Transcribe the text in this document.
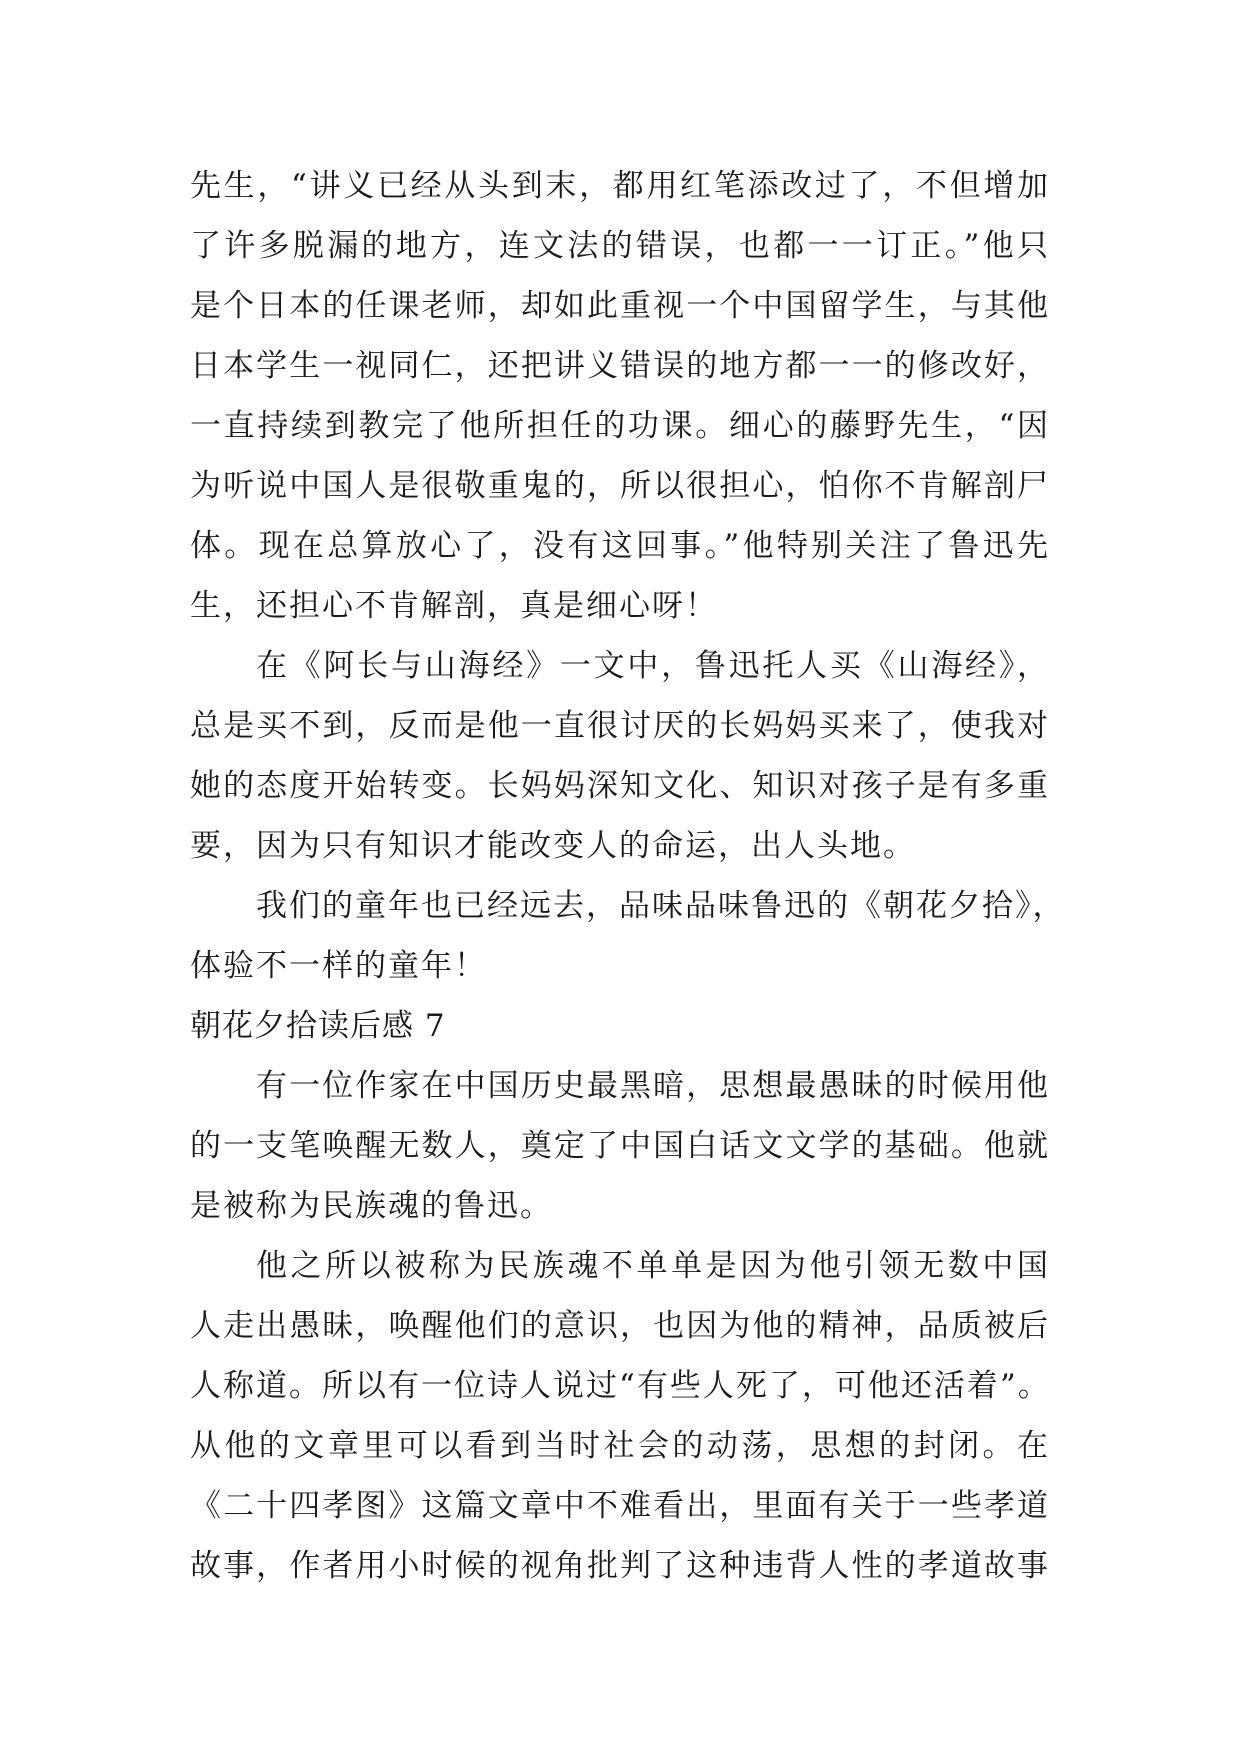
先生，“讲义已经从头到末，都用红笔添改过了，不但增加
了许多脱漏的地方，连文法的错误，也都一一订正。”他只
是个日本的任课老师，却如此重视一个中国留学生，与其他
日本学生一视同仁，还把讲义错误的地方都一一的修改好，
一直持续到教完了他所担任的功课。细心的藤野先生，“因
为听说中国人是很敬重鬼的，所以很担心，怕你不肯解剖尸
体。现在总算放心了，没有这回事。”他特别关注了鲁迅先
生，还担心不肯解剖，真是细心呀！
在《阿长与山海经》一文中，鲁迅托人买《山海经》，
总是买不到，反而是他一直很讨厌的长妈妈买来了，使我对
她的态度开始转变。长妈妈深知文化、知识对孩子是有多重
要，因为只有知识才能改变人的命运，出人头地。
我们的童年也已经远去，品味品味鲁迅的《朝花夕拾》，
体验不一样的童年！
朝花夕拾读后感 7
有一位作家在中国历史最黑暗，思想最愚昧的时候用他
的一支笔唤醒无数人，奠定了中国白话文文学的基础。他就
是被称为民族魂的鲁迅。
他之所以被称为民族魂不单单是因为他引领无数中国
人走出愚昧，唤醒他们的意识，也因为他的精神，品质被后
人称道。所以有一位诗人说过“有些人死了，可他还活着”。
从他的文章里可以看到当时社会的动荡，思想的封闭。在
《二十四孝图》这篇文章中不难看出，里面有关于一些孝道
故事，作者用小时候的视角批判了这种违背人性的孝道故事
